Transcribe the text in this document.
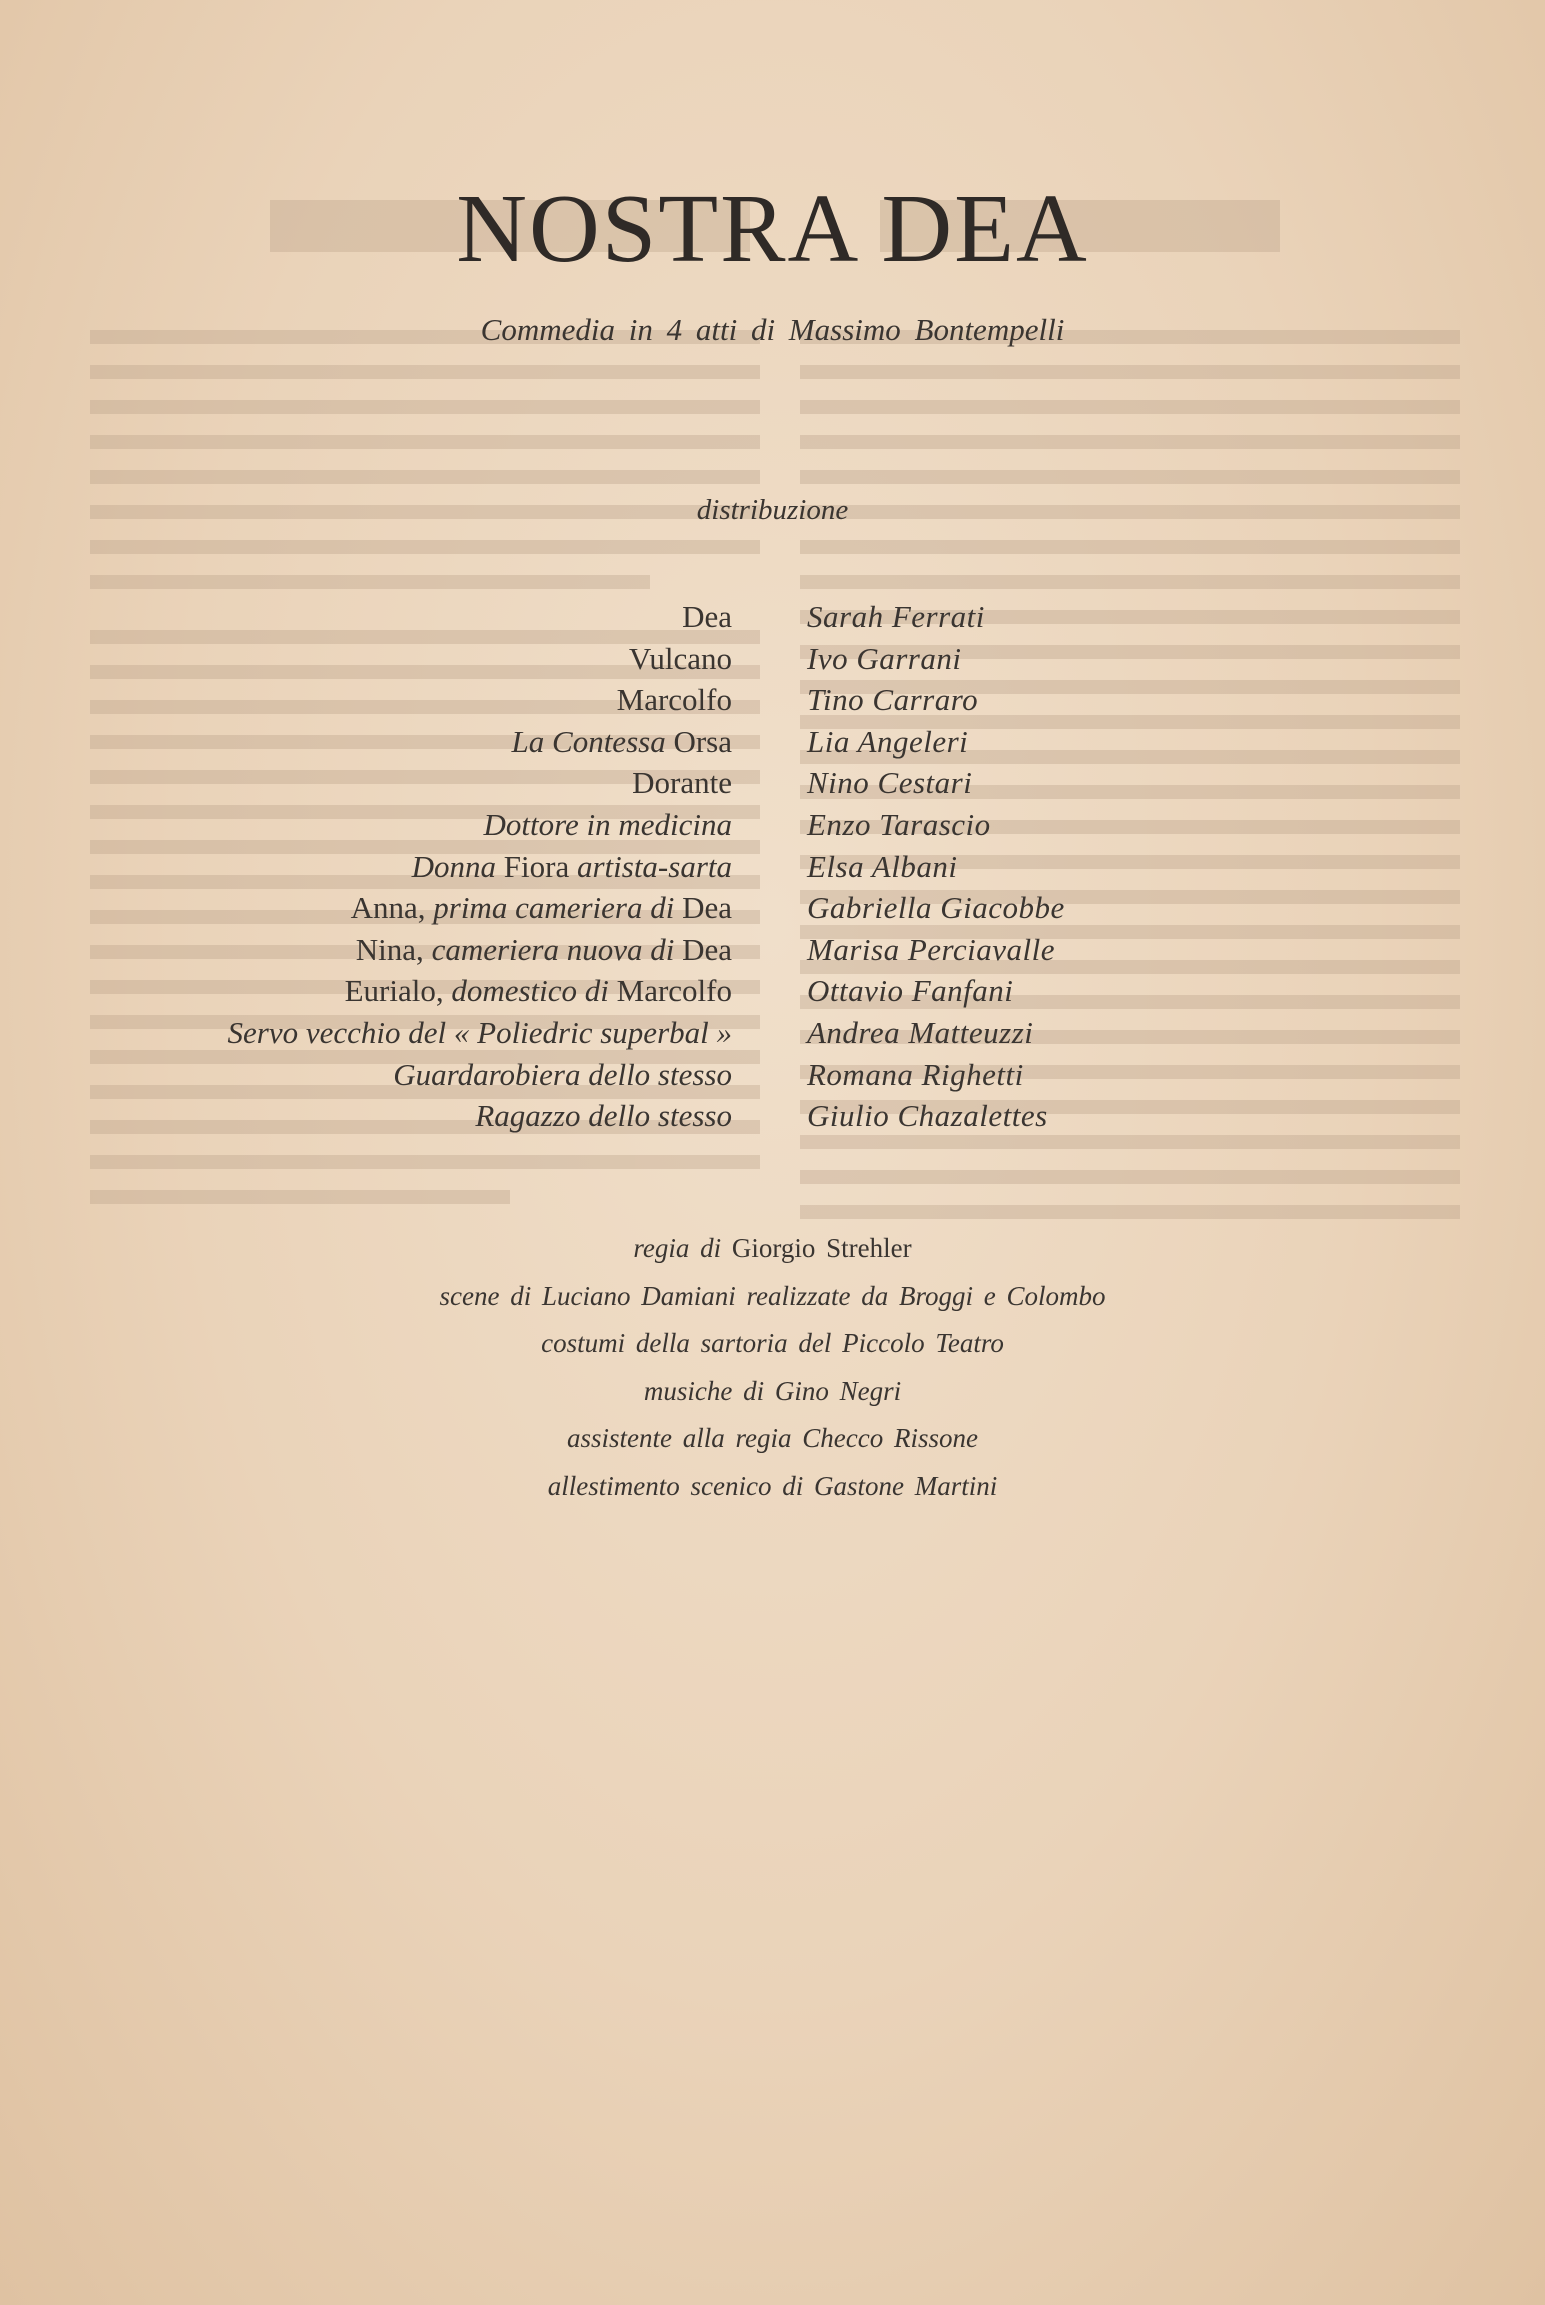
NOSTRA DEA
Commedia in 4 atti di Massimo Bontempelli
distribuzione
Dea Sarah Ferrati
Vulcano Ivo Garrani
Marcolfo Tino Carraro
La Contessa Orsa Lia Angeleri
Dorante Nino Cestari
Dottore in medicina Enzo Tarascio
Donna Fiora artista-sarta Elsa Albani
Anna, prima cameriera di Dea Gabriella Giacobbe
Nina, cameriera nuova di Dea Marisa Perciavalle
Eurialo, domestico di Marcolfo Ottavio Fanfani
Servo vecchio del « Poliedric superbal » Andrea Matteuzzi
Guardarobiera dello stesso Romana Righetti
Ragazzo dello stesso Giulio Chazalettes
regia di Giorgio Strehler
scene di Luciano Damiani realizzate da Broggi e Colombo
costumi della sartoria del Piccolo Teatro
musiche di Gino Negri
assistente alla regia Checco Rissone
allestimento scenico di Gastone Martini
